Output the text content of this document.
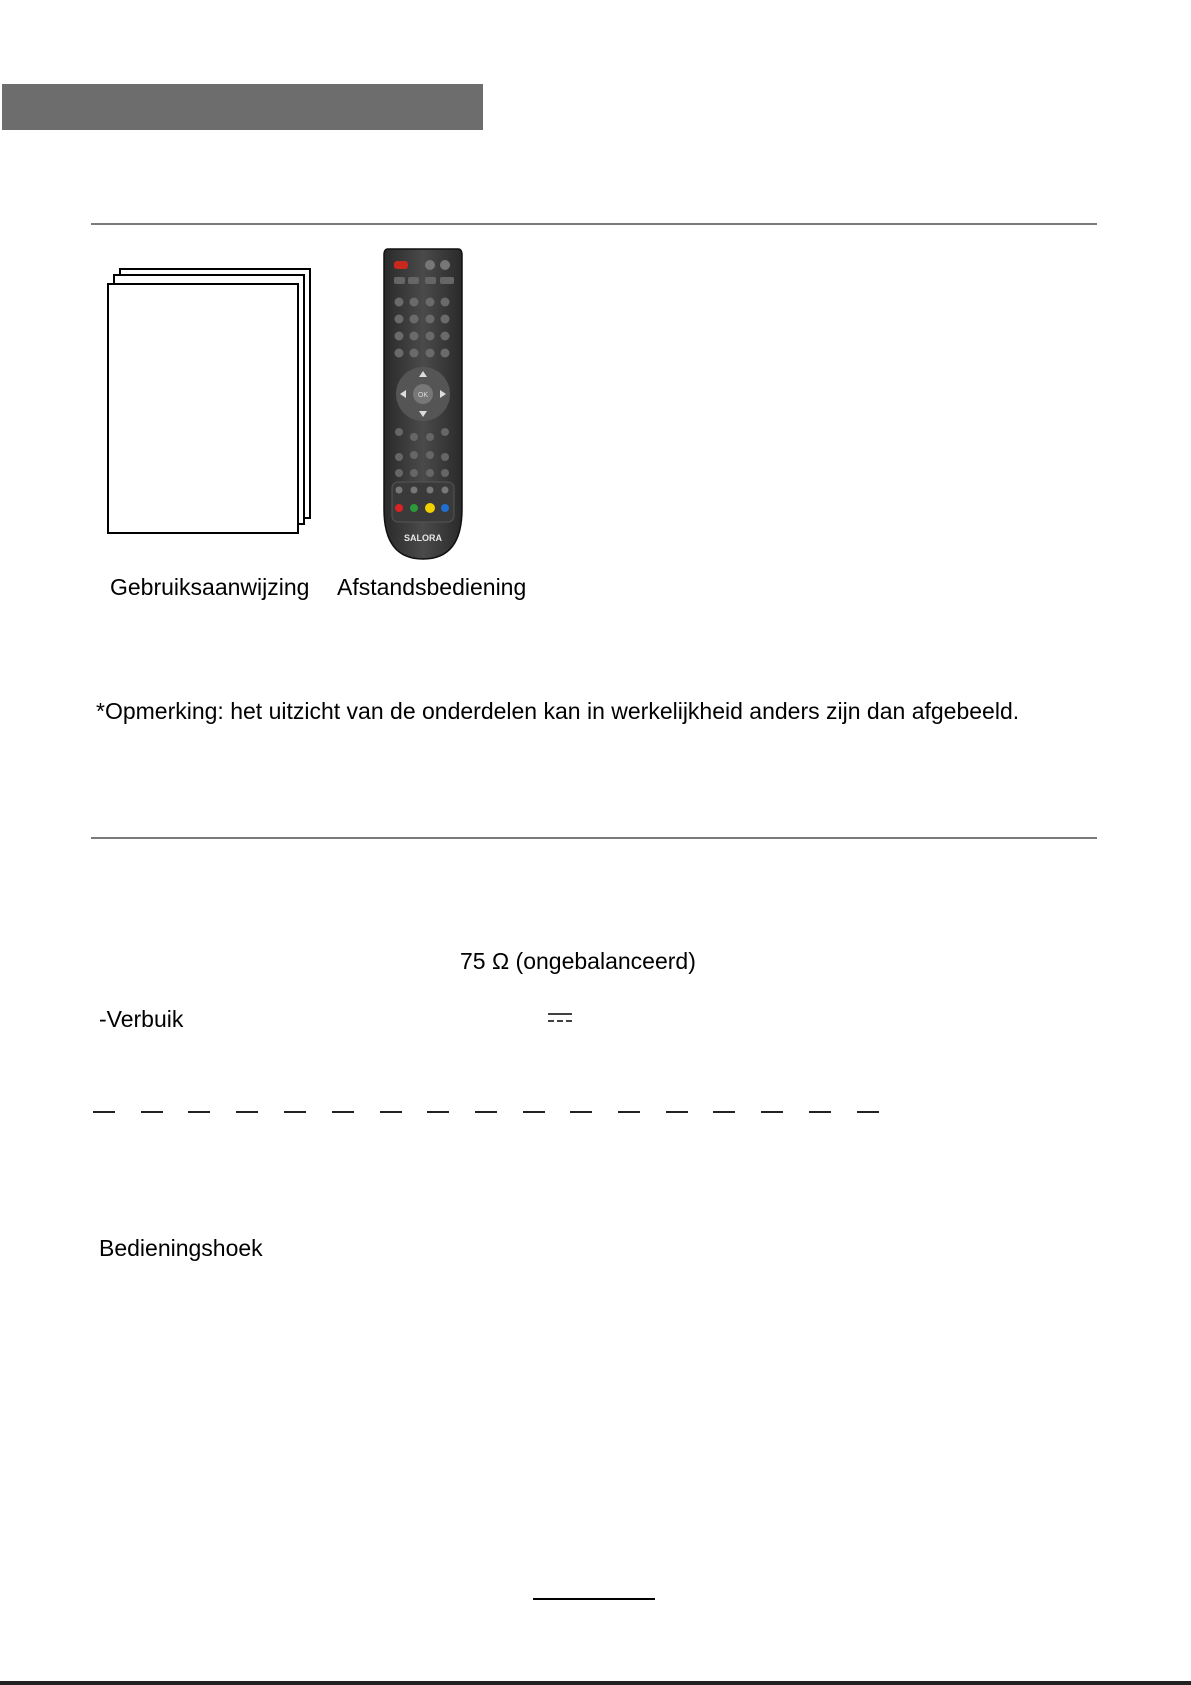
OK
SALORA
Gebruiksaanwijzing Afstandsbediening
*Opmerking: het uitzicht van de onderdelen kan in werkelijkheid anders zijn dan afgebeeld.
75 Ω (ongebalanceerd)
-Verbuik
Bedieningshoek
